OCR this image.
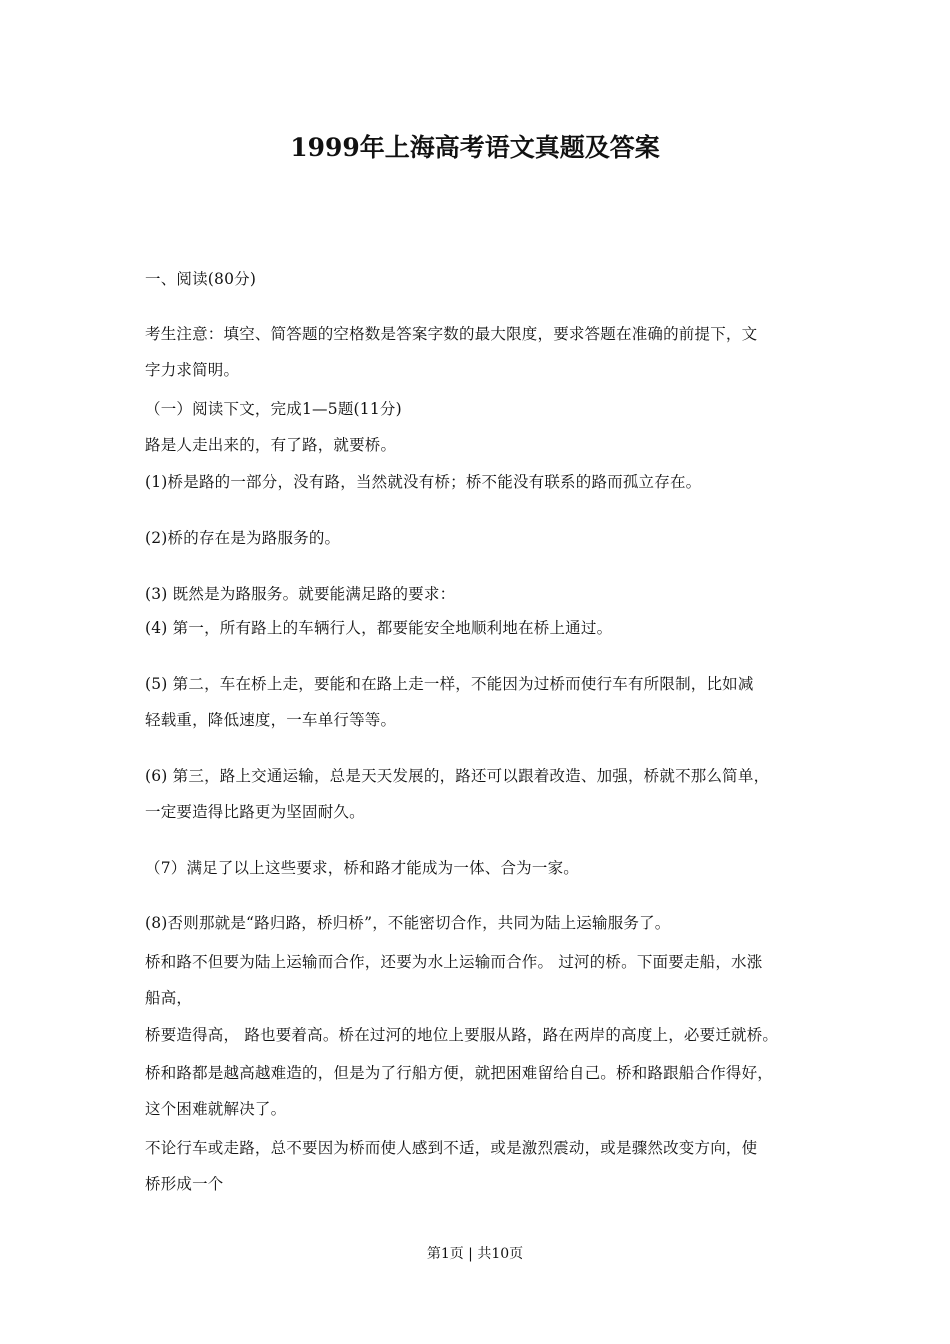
1999年上海高考语文真题及答案
一、阅读(80分)
考生注意：填空、简答题的空格数是答案字数的最大限度，要求答题在准确的前提下，文
字力求简明。
（一）阅读下文，完成1—5题(11分)
路是人走出来的，有了路，就要桥。
(1)桥是路的一部分，没有路，当然就没有桥；桥不能没有联系的路而孤立存在。
(2)桥的存在是为路服务的。
(3) 既然是为路服务。就要能满足路的要求：
(4) 第一，所有路上的车辆行人，都要能安全地顺利地在桥上通过。
(5) 第二，车在桥上走，要能和在路上走一样，不能因为过桥而使行车有所限制，比如减
轻载重，降低速度，一车单行等等。
(6) 第三，路上交通运输，总是天天发展的，路还可以跟着改造、加强，桥就不那么简单，
一定要造得比路更为坚固耐久。
（7）满足了以上这些要求，桥和路才能成为一体、合为一家。
(8)否则那就是“路归路，桥归桥”，不能密切合作，共同为陆上运输服务了。
桥和路不但要为陆上运输而合作，还要为水上运输而合作。 过河的桥。下面要走船，水涨
船高，
桥要造得高， 路也要着高。桥在过河的地位上要服从路，路在两岸的高度上，必要迁就桥。
桥和路都是越高越难造的，但是为了行船方便，就把困难留给自己。桥和路跟船合作得好，
这个困难就解决了。
不论行车或走路，总不要因为桥而使人感到不适，或是激烈震动，或是骤然改变方向，使
桥形成一个
第1页 | 共10页
